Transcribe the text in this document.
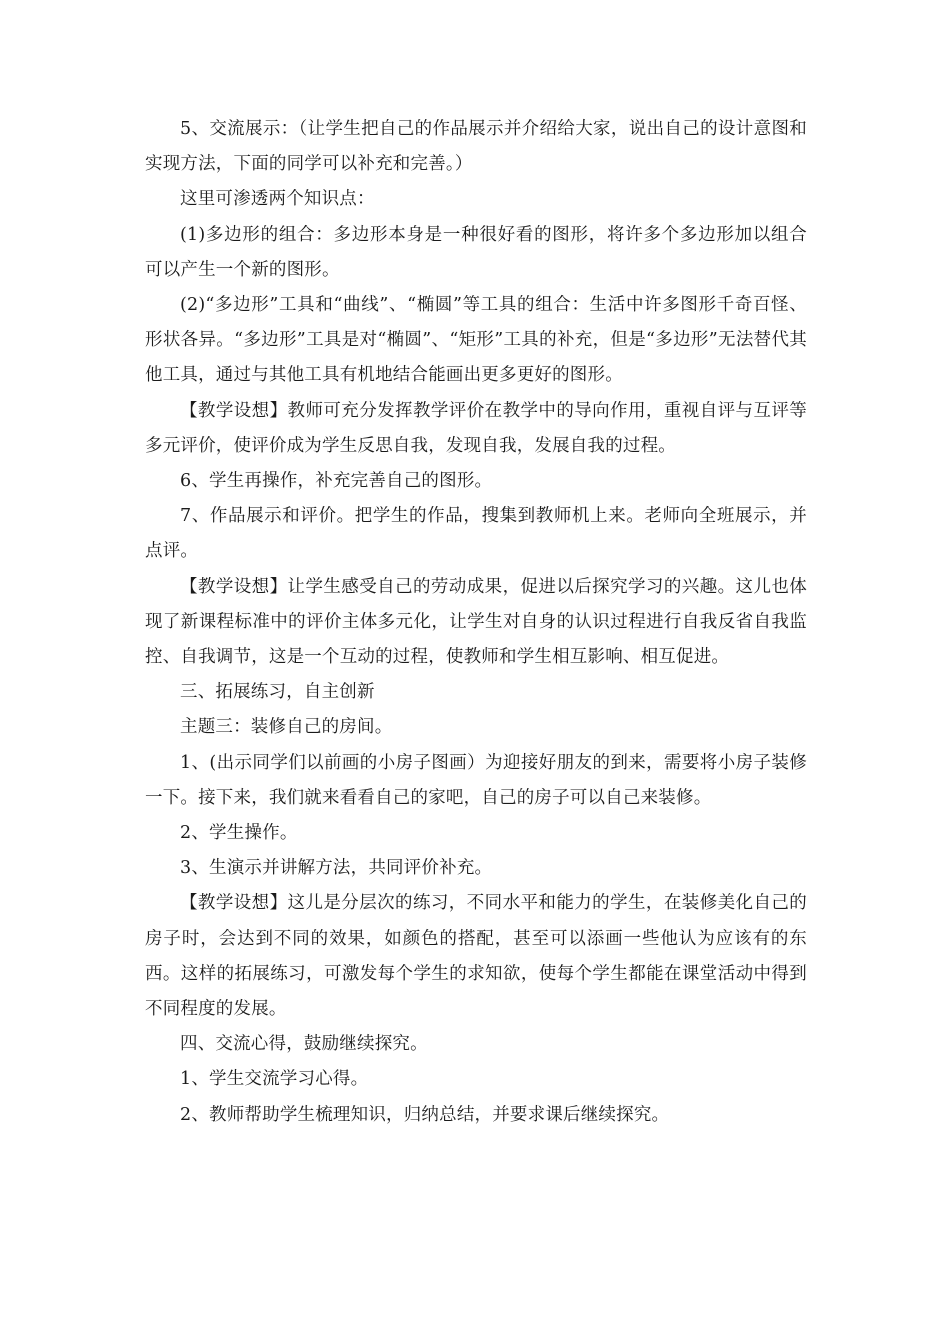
5、交流展示：（让学生把自己的作品展示并介绍给大家，说出自己的设计意图和实现方法，下面的同学可以补充和完善。）

这里可渗透两个知识点：

(1)多边形的组合：多边形本身是一种很好看的图形，将许多个多边形加以组合可以产生一个新的图形。

(2)“多边形”工具和“曲线”、“椭圆”等工具的组合：生活中许多图形千奇百怪、形状各异。“多边形”工具是对“椭圆”、“矩形”工具的补充，但是“多边形”无法替代其他工具，通过与其他工具有机地结合能画出更多更好的图形。

【教学设想】教师可充分发挥教学评价在教学中的导向作用，重视自评与互评等多元评价，使评价成为学生反思自我，发现自我，发展自我的过程。

6、学生再操作，补充完善自己的图形。

7、作品展示和评价。把学生的作品，搜集到教师机上来。老师向全班展示，并点评。

【教学设想】让学生感受自己的劳动成果，促进以后探究学习的兴趣。这儿也体现了新课程标准中的评价主体多元化，让学生对自身的认识过程进行自我反省自我监控、自我调节，这是一个互动的过程，使教师和学生相互影响、相互促进。

三、拓展练习，自主创新

主题三：装修自己的房间。

1、(出示同学们以前画的小房子图画）为迎接好朋友的到来，需要将小房子装修一下。接下来，我们就来看看自己的家吧，自己的房子可以自己来装修。

2、学生操作。

3、生演示并讲解方法，共同评价补充。

【教学设想】这儿是分层次的练习，不同水平和能力的学生，在装修美化自己的房子时，会达到不同的效果，如颜色的搭配，甚至可以添画一些他认为应该有的东西。这样的拓展练习，可激发每个学生的求知欲，使每个学生都能在课堂活动中得到不同程度的发展。

四、交流心得，鼓励继续探究。

1、学生交流学习心得。

2、教师帮助学生梳理知识，归纳总结，并要求课后继续探究。
